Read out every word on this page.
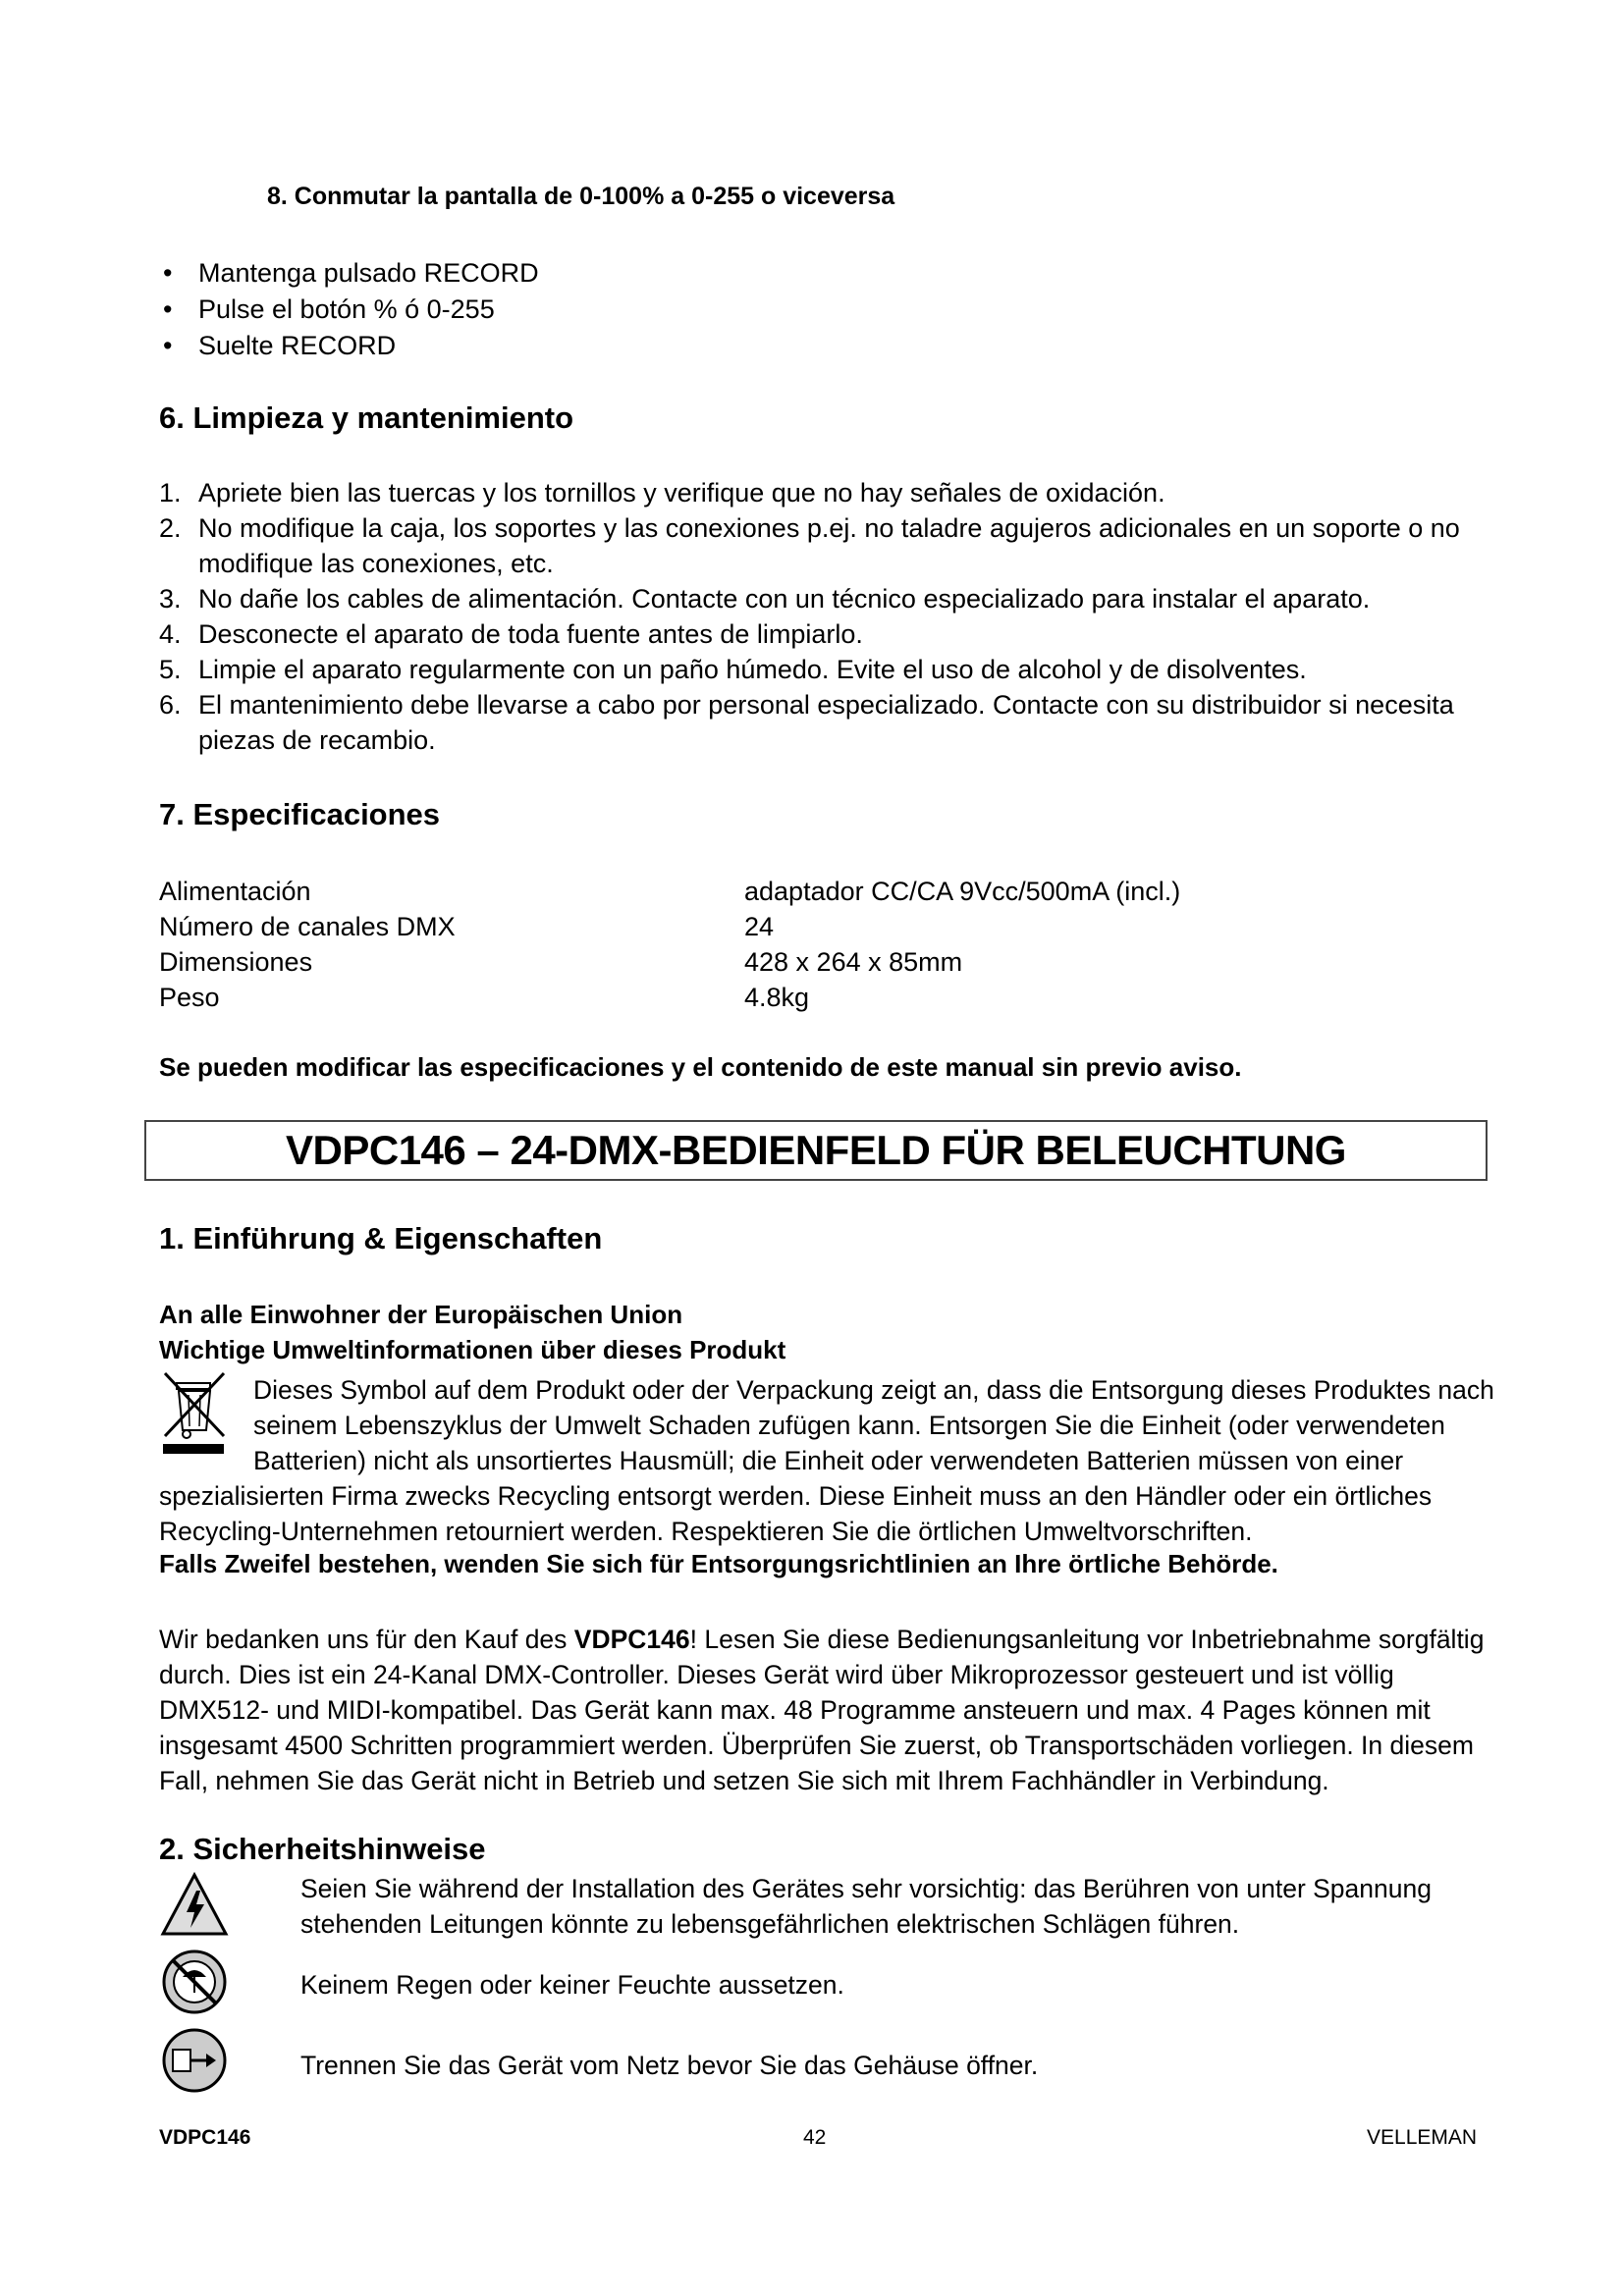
8. Conmutar la pantalla de 0-100% a 0-255 o viceversa
• Mantenga pulsado RECORD
• Pulse el botón % ó 0-255
• Suelte RECORD
6. Limpieza y mantenimiento
1. Apriete bien las tuercas y los tornillos y verifique que no hay señales de oxidación.
2. No modifique la caja, los soportes y las conexiones p.ej. no taladre agujeros adicionales en un soporte o no modifique las conexiones, etc.
3. No dañe los cables de alimentación. Contacte con un técnico especializado para instalar el aparato.
4. Desconecte el aparato de toda fuente antes de limpiarlo.
5. Limpie el aparato regularmente con un paño húmedo. Evite el uso de alcohol y de disolventes.
6. El mantenimiento debe llevarse a cabo por personal especializado. Contacte con su distribuidor si necesita piezas de recambio.
7. Especificaciones
Alimentación	adaptador CC/CA 9Vcc/500mA (incl.)
Número de canales DMX	24
Dimensiones	428 x 264 x 85mm
Peso	4.8kg
Se pueden modificar las especificaciones y el contenido de este manual sin previo aviso.
VDPC146 – 24-DMX-BEDIENFELD FÜR BELEUCHTUNG
1. Einführung & Eigenschaften
An alle Einwohner der Europäischen Union
Wichtige Umweltinformationen über dieses Produkt
Dieses Symbol auf dem Produkt oder der Verpackung zeigt an, dass die Entsorgung dieses Produktes nach
seinem Lebenszyklus der Umwelt Schaden zufügen kann. Entsorgen Sie die Einheit (oder verwendeten
Batterien) nicht als unsortiertes Hausmüll; die Einheit oder verwendeten Batterien müssen von einer
spezialisierten Firma zwecks Recycling entsorgt werden. Diese Einheit muss an den Händler oder ein örtliches
Recycling-Unternehmen retourniert werden. Respektieren Sie die örtlichen Umweltvorschriften.
Falls Zweifel bestehen, wenden Sie sich für Entsorgungsrichtlinien an Ihre örtliche Behörde.
Wir bedanken uns für den Kauf des VDPC146! Lesen Sie diese Bedienungsanleitung vor Inbetriebnahme sorgfältig
durch. Dies ist ein 24-Kanal DMX-Controller. Dieses Gerät wird über Mikroprozessor gesteuert und ist völlig
DMX512- und MIDI-kompatibel. Das Gerät kann max. 48 Programme ansteuern und max. 4 Pages können mit
insgesamt 4500 Schritten programmiert werden. Überprüfen Sie zuerst, ob Transportschäden vorliegen. In diesem
Fall, nehmen Sie das Gerät nicht in Betrieb und setzen Sie sich mit Ihrem Fachhändler in Verbindung.
2. Sicherheitshinweise
Seien Sie während der Installation des Gerätes sehr vorsichtig: das Berühren von unter Spannung
stehenden Leitungen könnte zu lebensgefährlichen elektrischen Schlägen führen.
Keinem Regen oder keiner Feuchte aussetzen.
Trennen Sie das Gerät vom Netz bevor Sie das Gehäuse öffner.
VDPC146	42	VELLEMAN
